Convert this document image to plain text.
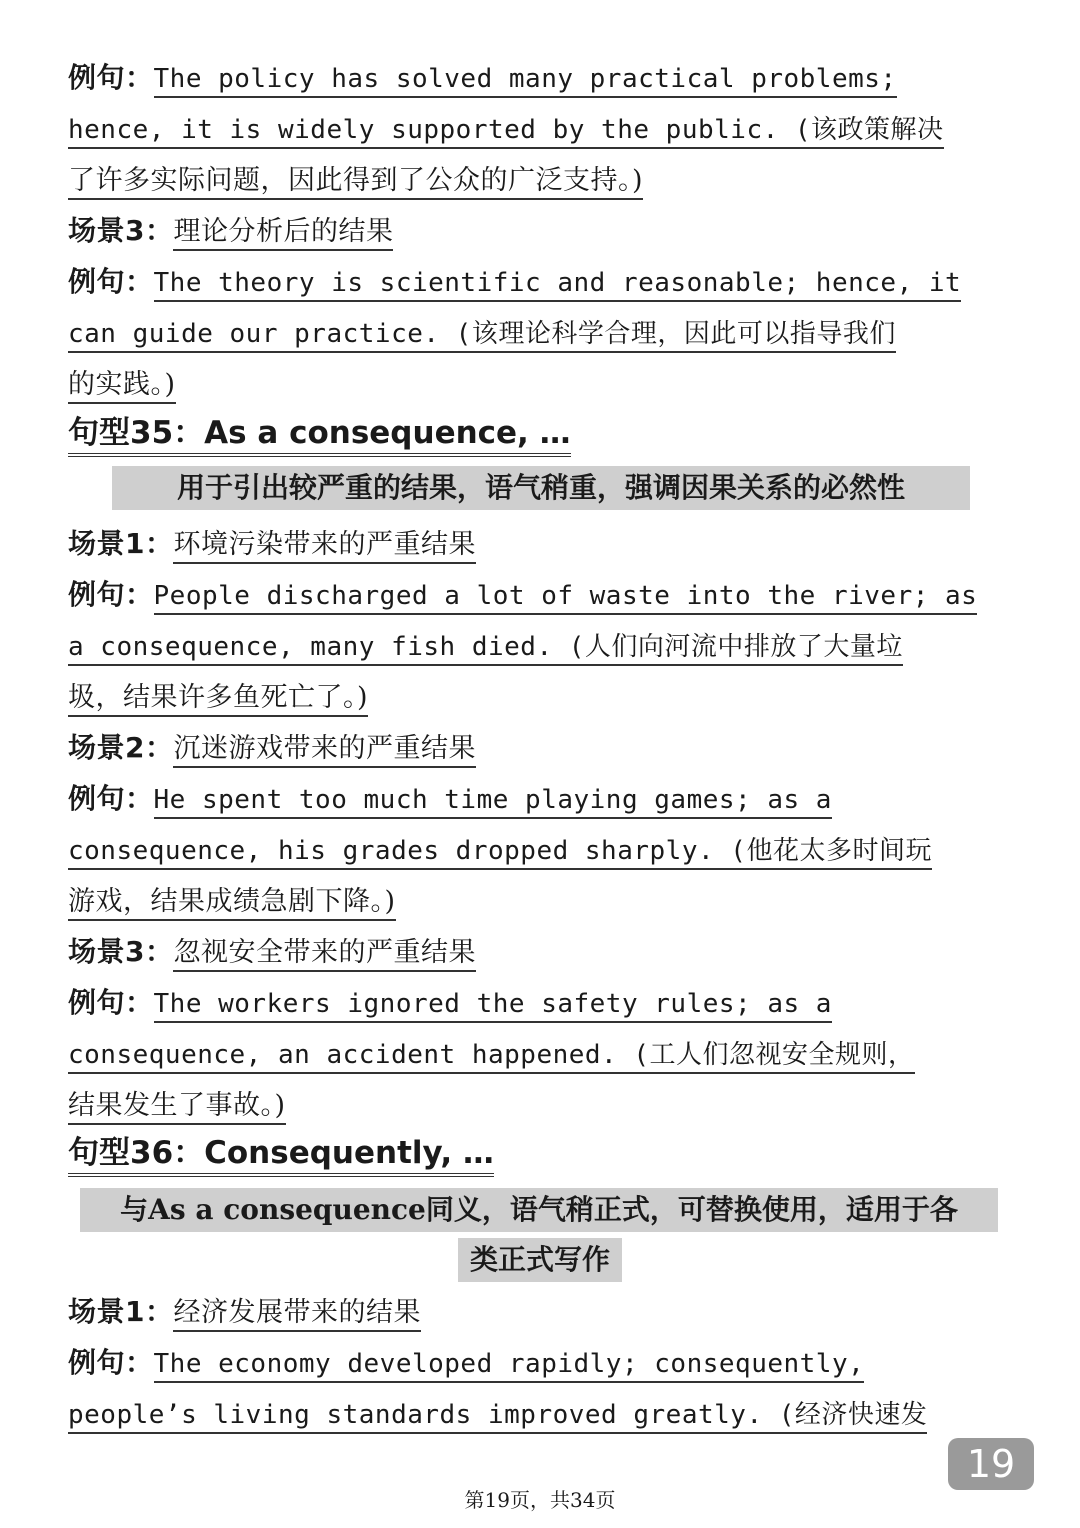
例句：The policy has solved many practical problems;
hence, it is widely supported by the public. (该政策解决
了许多实际问题，因此得到了公众的广泛支持。)
场景3：理论分析后的结果
例句：The theory is scientific and reasonable; hence, it
can guide our practice. (该理论科学合理，因此可以指导我们
的实践。)
句型35：As a consequence, …
用于引出较严重的结果，语气稍重，强调因果关系的必然性
场景1：环境污染带来的严重结果
例句：People discharged a lot of waste into the river; as
a consequence, many fish died. (人们向河流中排放了大量垃
圾，结果许多鱼死亡了。)
场景2：沉迷游戏带来的严重结果
例句：He spent too much time playing games; as a
consequence, his grades dropped sharply. (他花太多时间玩
游戏，结果成绩急剧下降。)
场景3：忽视安全带来的严重结果
例句：The workers ignored the safety rules; as a
consequence, an accident happened. (工人们忽视安全规则，
结果发生了事故。)
句型36：Consequently, …
与As a consequence同义，语气稍正式，可替换使用，适用于各
类正式写作
场景1：经济发展带来的结果
例句：The economy developed rapidly; consequently,
people’s living standards improved greatly. (经济快速发
19
第19页，共34页
